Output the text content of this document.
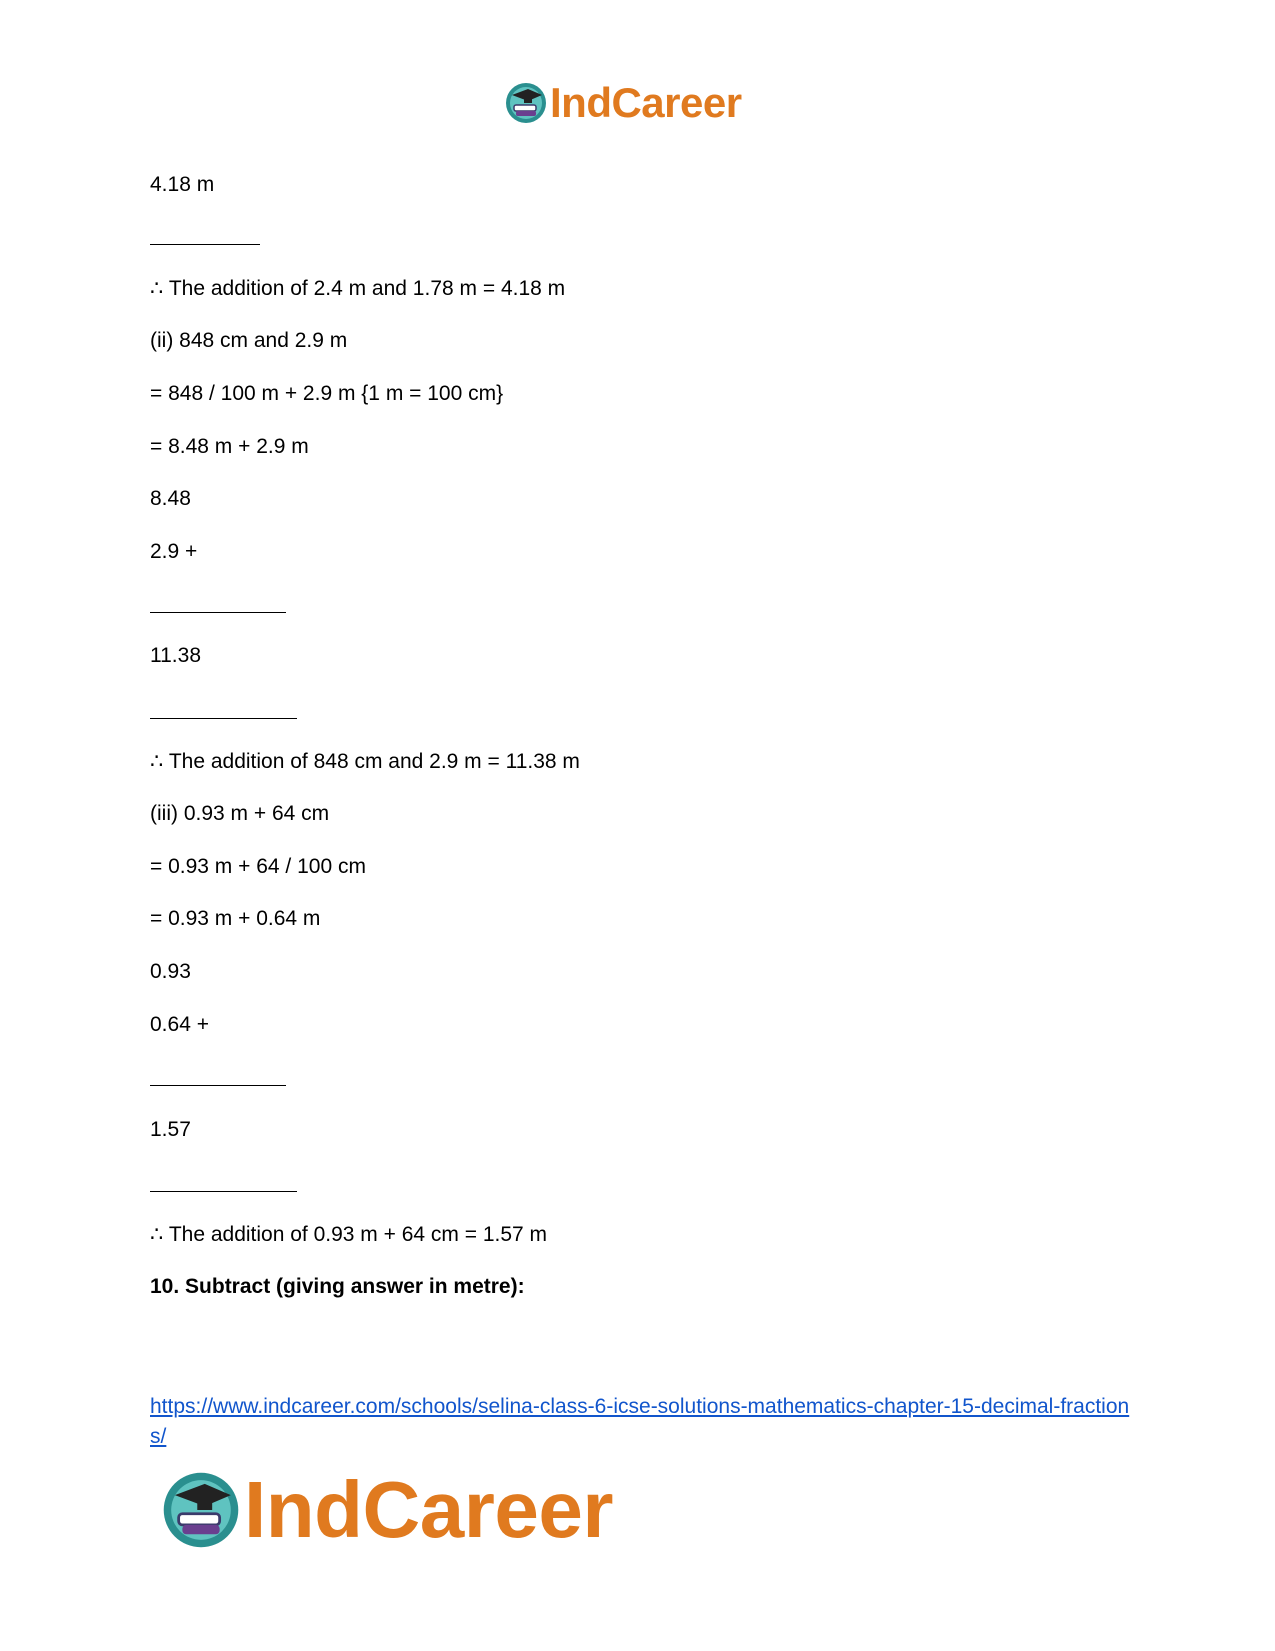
IndCareer
4.18 m
∴ The addition of 2.4 m and 1.78 m = 4.18 m
(ii) 848 cm and 2.9 m
= 848 / 100 m + 2.9 m {1 m = 100 cm}
= 8.48 m + 2.9 m
8.48
2.9 +
11.38
∴ The addition of 848 cm and 2.9 m = 11.38 m
(iii) 0.93 m + 64 cm
= 0.93 m + 64 / 100 cm
= 0.93 m + 0.64 m
0.93
0.64 +
1.57
∴ The addition of 0.93 m + 64 cm = 1.57 m
10. Subtract (giving answer in metre):
https://www.indcareer.com/schools/selina-class-6-icse-solutions-mathematics-chapter-15-decimal-fractions/
IndCareer
